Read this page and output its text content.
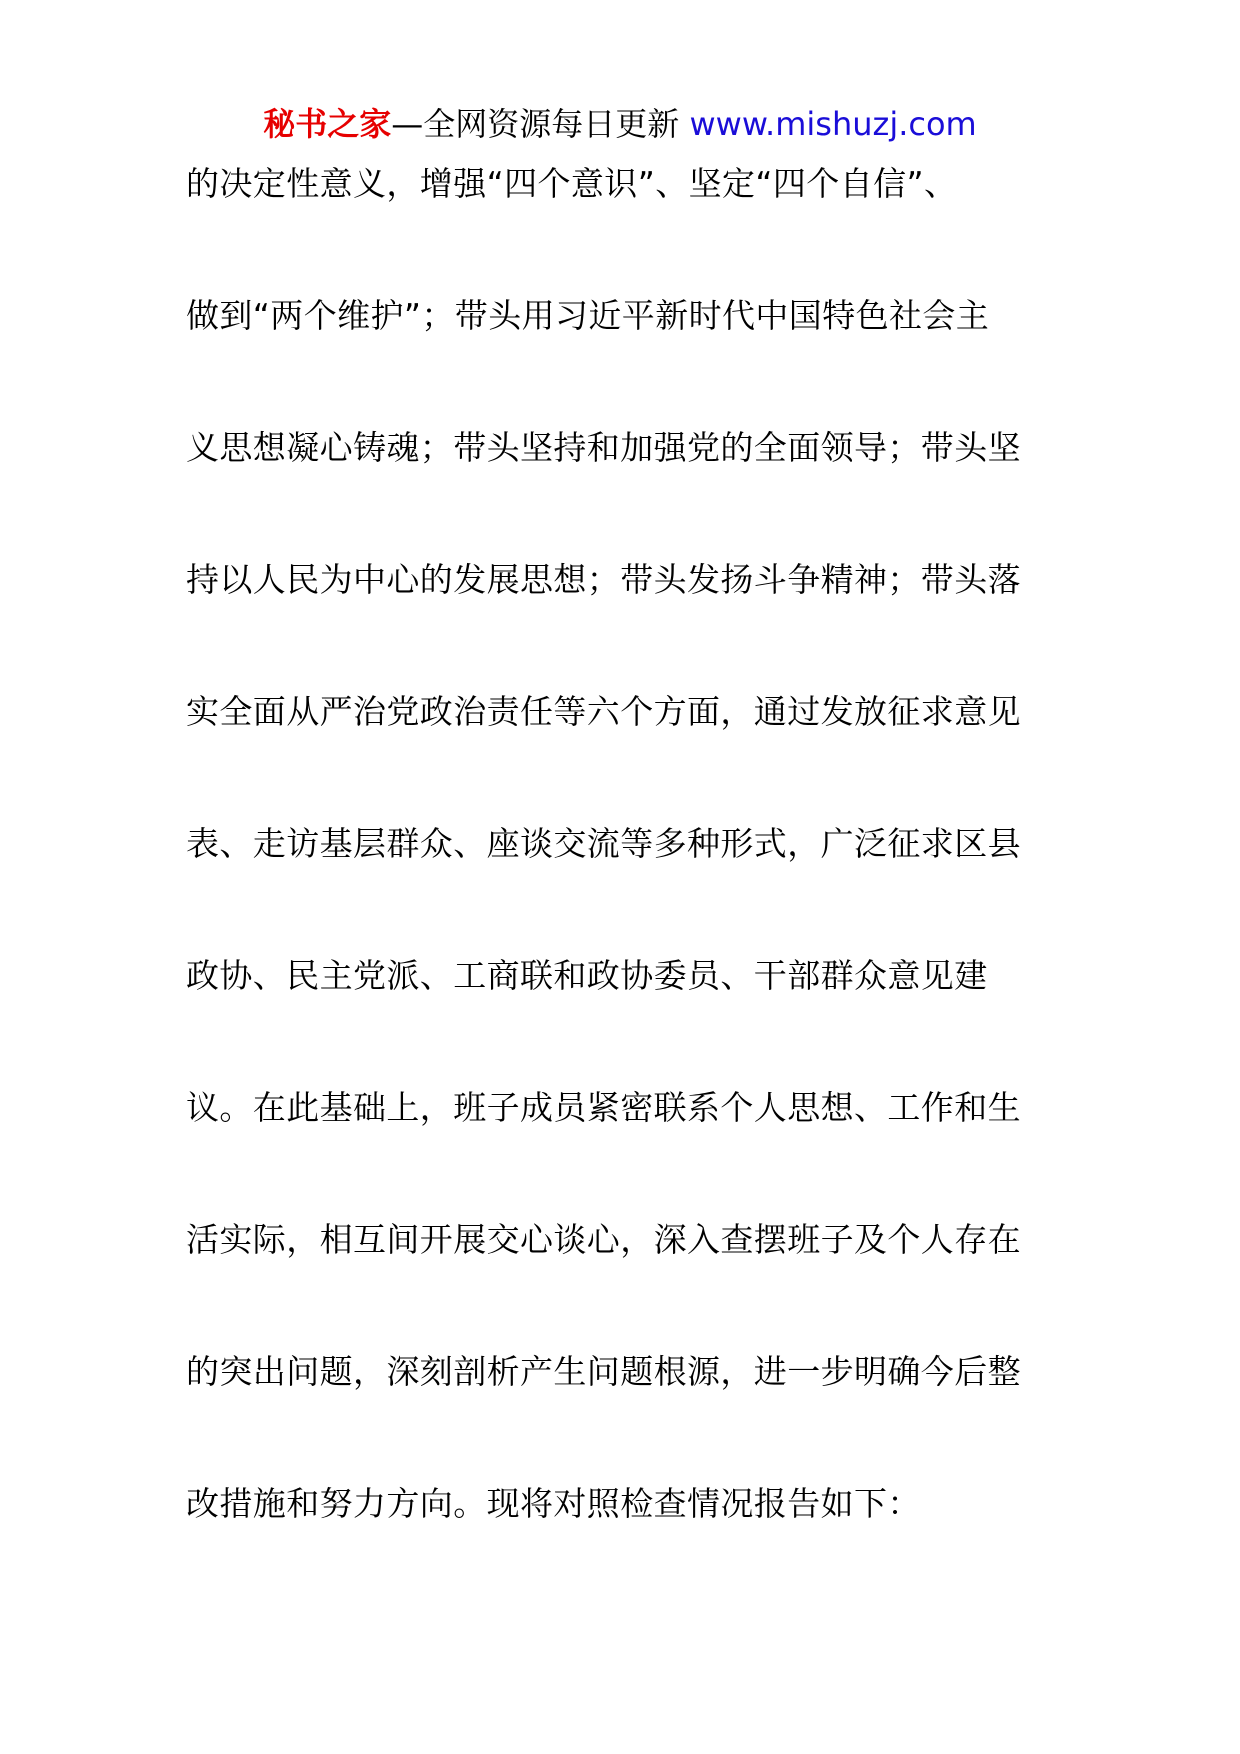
秘书之家—全网资源每日更新 www.mishuzj.com
的决定性意义，增强“四个意识”、坚定“四个自信”、
做到“两个维护”；带头用习近平新时代中国特色社会主
义思想凝心铸魂；带头坚持和加强党的全面领导；带头坚
持以人民为中心的发展思想；带头发扬斗争精神；带头落
实全面从严治党政治责任等六个方面，通过发放征求意见
表、走访基层群众、座谈交流等多种形式，广泛征求区县
政协、民主党派、工商联和政协委员、干部群众意见建
议。在此基础上，班子成员紧密联系个人思想、工作和生
活实际，相互间开展交心谈心，深入查摆班子及个人存在
的突出问题，深刻剖析产生问题根源，进一步明确今后整
改措施和努力方向。现将对照检查情况报告如下：
